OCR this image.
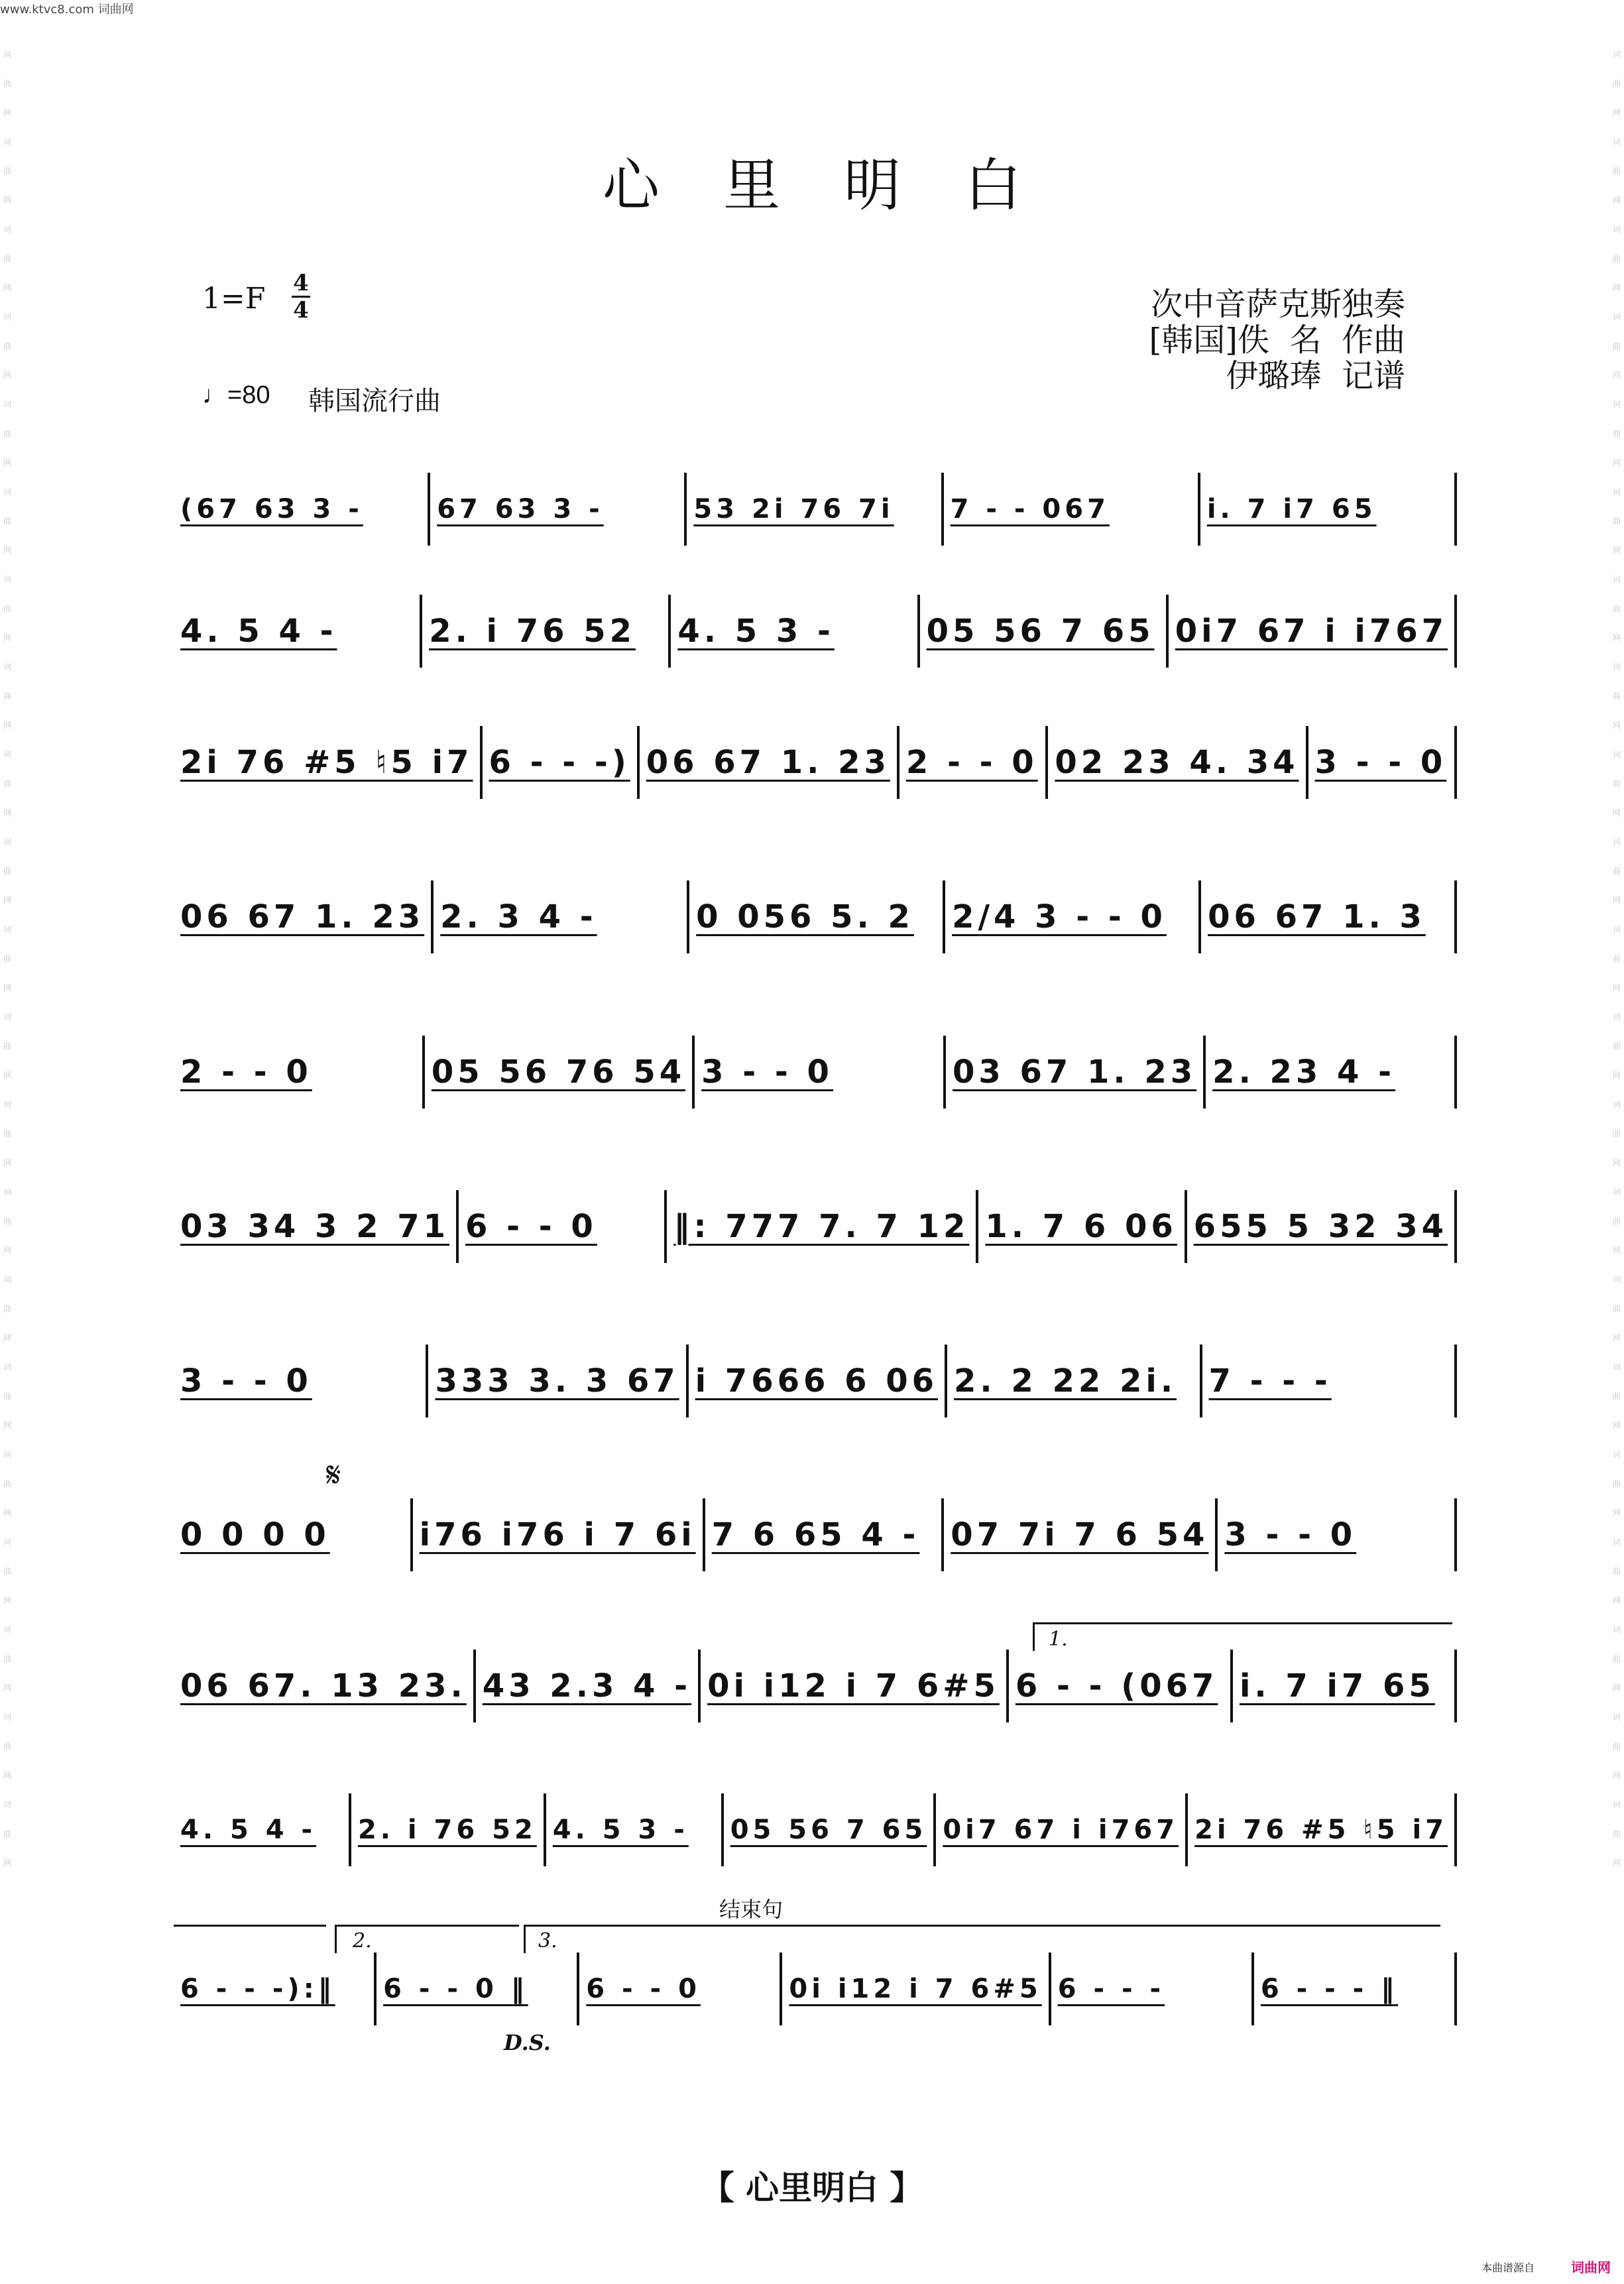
www.ktvc8.com 词曲网
词曲网词曲网词曲网词曲网词曲网词曲网词曲网词曲网词曲网词曲网词曲网词曲网词曲网词曲网词曲网词曲网词曲网词曲网词曲网词曲网词曲网
词曲网词曲网词曲网词曲网词曲网词曲网词曲网词曲网词曲网词曲网词曲网词曲网词曲网词曲网词曲网词曲网词曲网词曲网词曲网词曲网词曲网
心里明白
1=F 4
4
♩=80 韩国流行曲
次中音萨克斯独奏
[韩国]佚  名  作曲
伊璐琫  记谱
(67 63 3 -	67 63 3 -	53 2i 76 7i 7 - - 067	i. 7 i7 65
4. 5 4 -	2. i 76 52 4. 5 3 -	05 56 7 65 0i7 67 i i767
2i 76 #5 ♮5 i7 6 - - -) 06 67 1. 23 2 - - 0 02 23 4. 34 3 - - 0
06 67 1. 23 2. 3 4 -	0 056 5. 2 2/4 3 - - 0 06 67 1. 3
2 - - 0	05 56 76 54 3 - - 0	03 67 1. 23 2. 23 4 -
03 34 3 2 71 6 - - 0 ‖: 777 7. 7 12 1. 7 6 06 655 5 32 34
3 - - 0	333 3. 3 67 i 7666 6 06 2. 2 22 2i. 7 - - -
0 0 0 0	i76 i76 i 7 6i 7 6 65 4 - 07 7i 7 6 54 3 - - 0
06 67. 13 23. 43 2.3 4 - 0i i12 i 7 6#5 6 - - (067 i. 7 i7 65
4. 5 4 - 2. i 76 52 4. 5 3 - 05 56 7 65 0i7 67 i i767 2i 76 #5 ♮5 i7
6 - - -):‖ 6 - - 0 ‖ 6 - - 0	0i i12 i 7 6#5 6 - - -	6 - - - ‖
𝄋
1.
2.	3.
结束句
D.S.
【 心里明白 】
本曲谱源自	词曲网
